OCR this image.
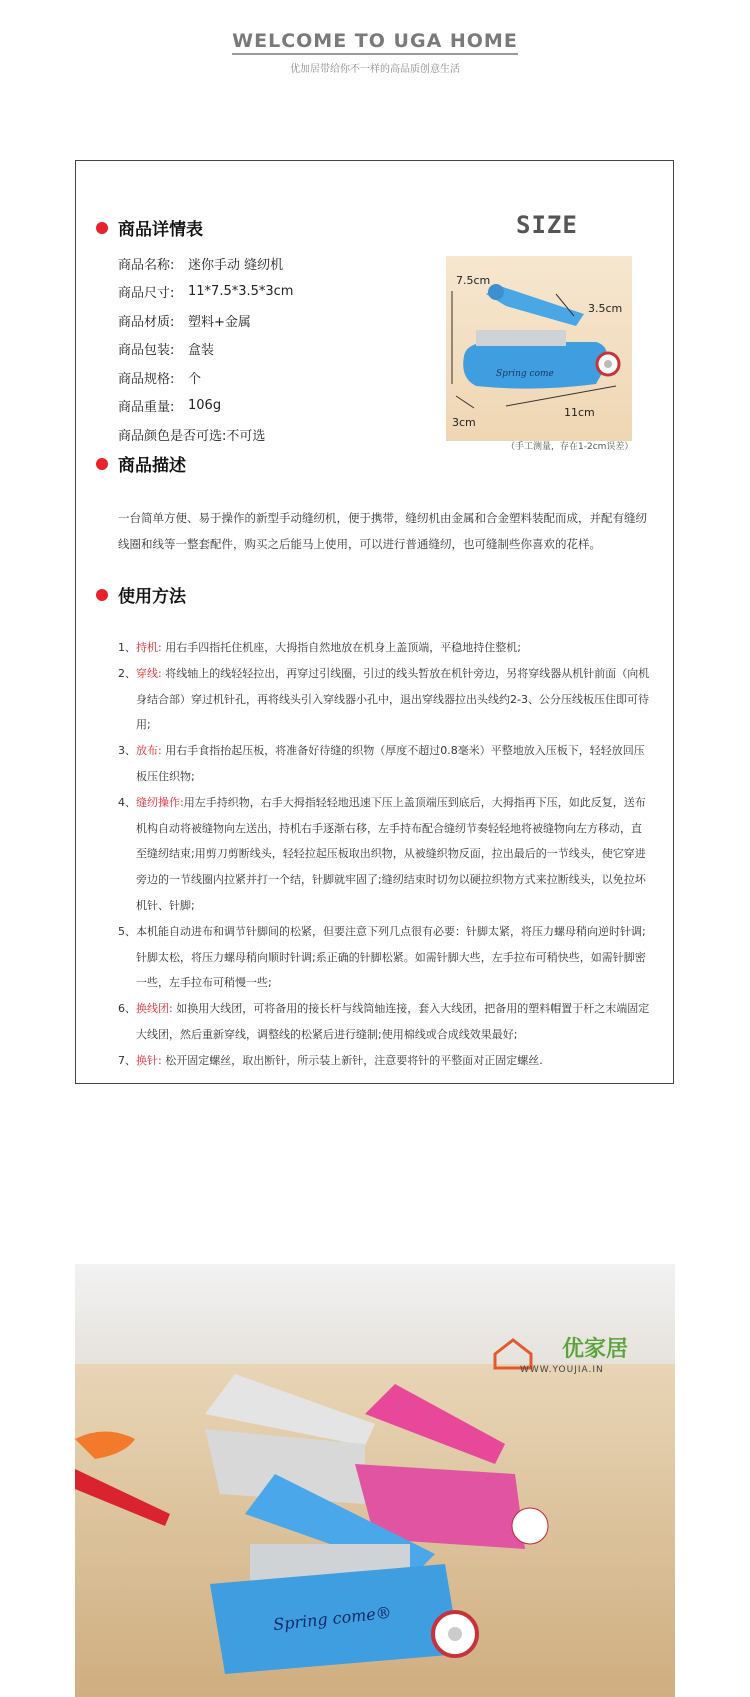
WELCOME TO UGA HOME
优加居带给你不一样的高品质创意生活
商品详情表
商品名称:	迷你手动 缝纫机
商品尺寸:	11*7.5*3.5*3cm
商品材质:	塑料+金属
商品包装:	盒装
商品规格:	个
商品重量:	106g
商品颜色是否可选: 不可选
SIZE
7.5cm
3.5cm
3cm
11cm
Spring come
（手工测量，存在1-2cm误差）
商品描述
一台简单方便、易于操作的新型手动缝纫机，便于携带，缝纫机由金属和合金塑料装配而成，并配有缝纫线圈和线等一整套配件，购买之后能马上使用，可以进行普通缝纫，也可缝制些你喜欢的花样。
使用方法
1、 持机: 用右手四指托住机座，大拇指自然地放在机身上盖顶端，平稳地持住整机;
2、 穿线: 将线轴上的线轻轻拉出，再穿过引线圈，引过的线头暂放在机针旁边，另将穿线器从机针前面（向机身结合部）穿过机针孔，再将线头引入穿线器小孔中，退出穿线器拉出头线约2-3、公分压线板压住即可待用;
3、 放布: 用右手食指抬起压板，将准备好待缝的织物（厚度不超过0.8毫米）平整地放入压板下，轻轻放回压板压住织物;
4、 缝纫操作:用左手持织物，右手大拇指轻轻地迅速下压上盖顶端压到底后，大拇指再下压，如此反复，送布机构自动将被缝物向左送出，持机右手逐渐右移，左手持布配合缝纫节奏轻轻地将被缝物向左方移动，直至缝纫结束;用剪刀剪断线头，轻轻拉起压板取出织物，从被缝织物反面，拉出最后的一节线头，使它穿进旁边的一节线圈内拉紧并打一个结，针脚就牢固了;缝纫结束时切勿以硬拉织物方式来拉断线头，以免拉坏机针、针脚;
5、 本机能自动进布和调节针脚间的松紧，但要注意下列几点很有必要：针脚太紧，将压力螺母稍向逆时针调;针脚太松，将压力螺母稍向顺时针调;系正确的针脚松紧。如需针脚大些，左手拉布可稍快些，如需针脚密一些，左手拉布可稍慢一些;
6、 换线团: 如换用大线团，可将备用的接长杆与线筒轴连接，套入大线团，把备用的塑料帽置于杆之末端固定大线团，然后重新穿线，调整线的松紧后进行缝制;使用棉线或合成线效果最好;
7、 换针: 松开固定螺丝，取出断针，所示装上新针，注意要将针的平整面对正固定螺丝.
优家居
WWW.YOUJIA.IN
Spring come®
